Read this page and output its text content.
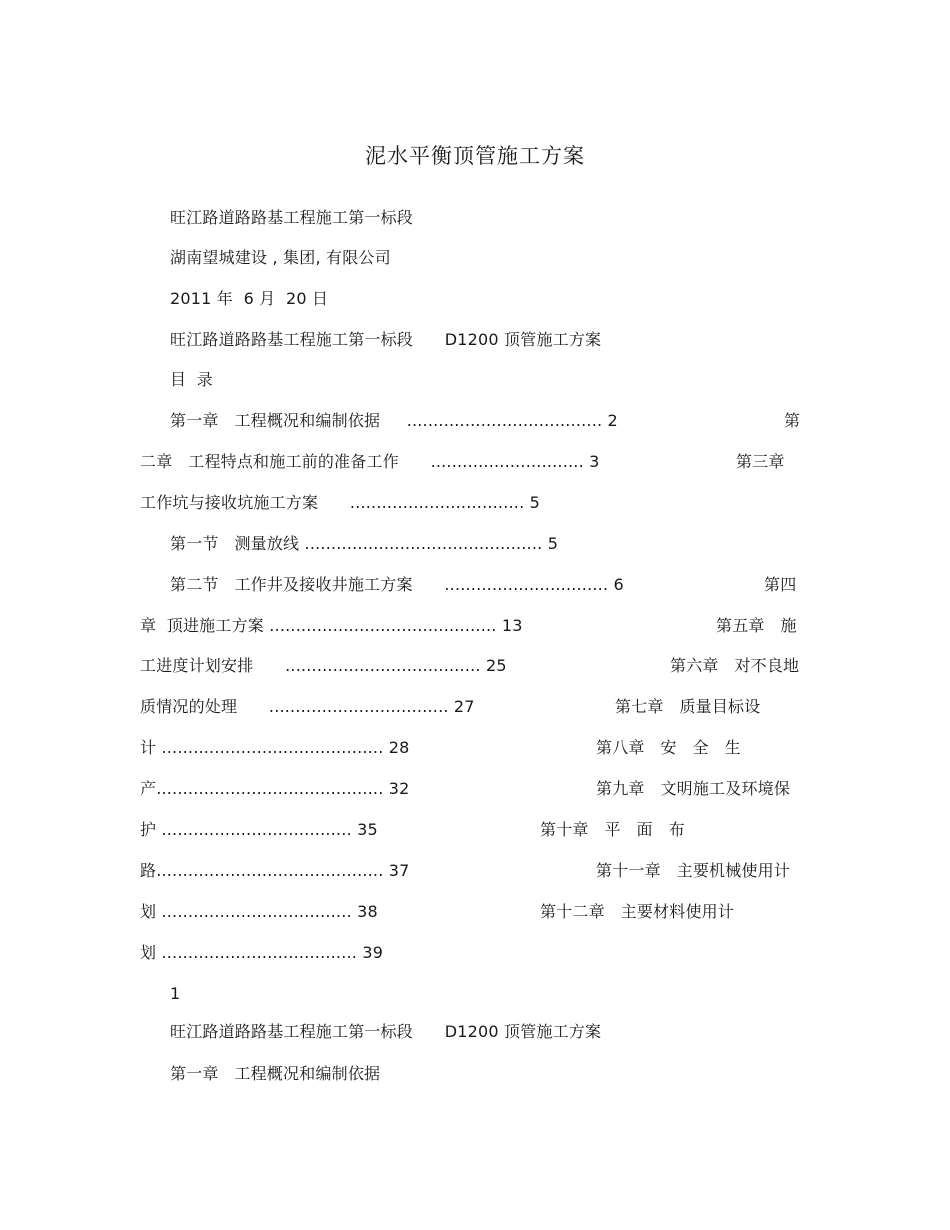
泥水平衡顶管施工方案
旺江路道路路基工程施工第一标段
湖南望城建设 , 集团, 有限公司
2011 年  6 月  20 日
旺江路道路路基工程施工第一标段      D1200 顶管施工方案
目  录
第一章   工程概况和编制依据     ..................................... 2	第
二章   工程特点和施工前的准备工作      ............................. 3	第三章
工作坑与接收坑施工方案      ................................. 5
第一节   测量放线 ............................................. 5
第二节   工作井及接收井施工方案      ............................... 6	第四
章  顶进施工方案 ........................................... 13	第五章   施
工进度计划安排      ..................................... 25	第六章   对不良地
质情况的处理      .................................. 27	第七章   质量目标设
计 .......................................... 28	第八章   安   全   生
产........................................... 32	第九章   文明施工及环境保
护 .................................... 35	第十章   平   面   布
路........................................... 37	第十一章   主要机械使用计
划 .................................... 38	第十二章   主要材料使用计
划 ..................................... 39
1
旺江路道路路基工程施工第一标段      D1200 顶管施工方案
第一章   工程概况和编制依据
